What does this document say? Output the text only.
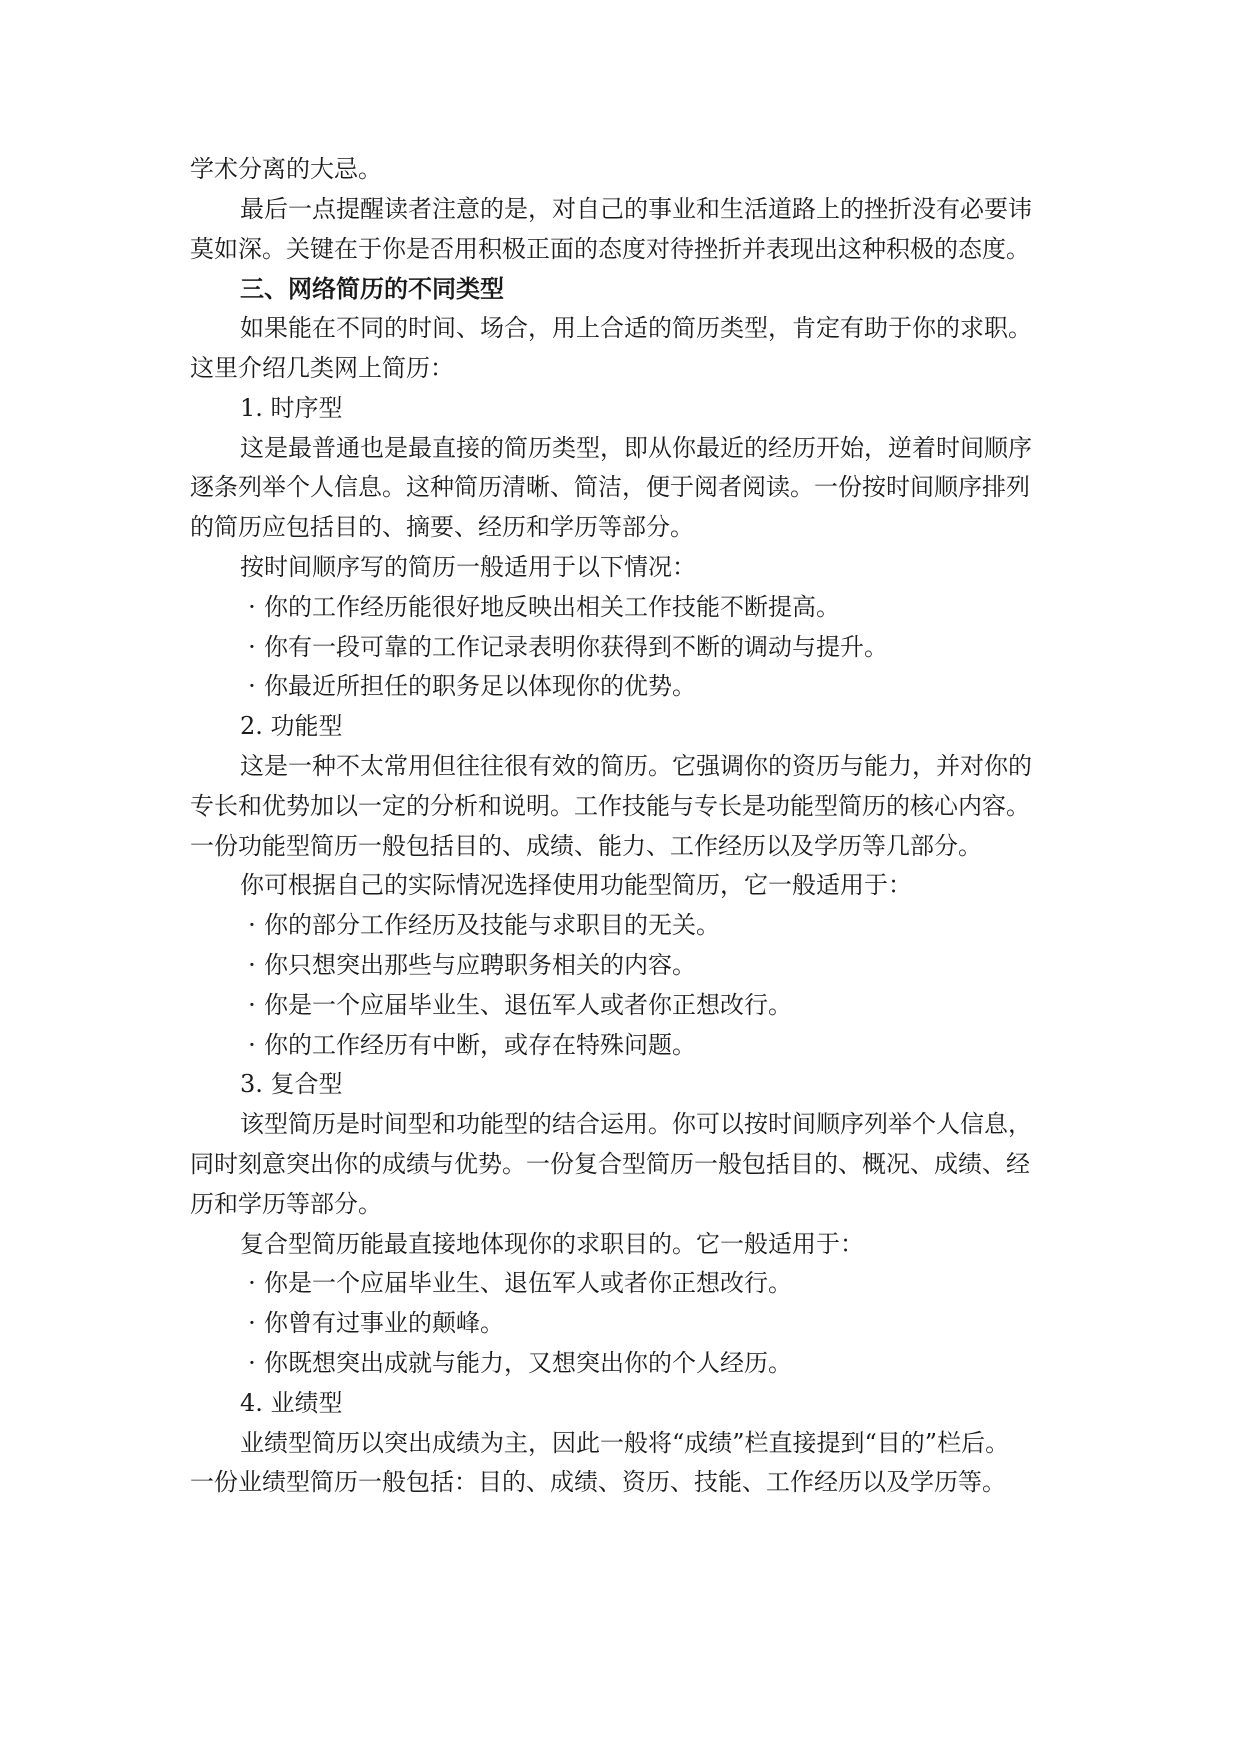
学术分离的大忌。
最后一点提醒读者注意的是，对自己的事业和生活道路上的挫折没有必要讳
莫如深。关键在于你是否用积极正面的态度对待挫折并表现出这种积极的态度。
三、网络简历的不同类型
如果能在不同的时间、场合，用上合适的简历类型，肯定有助于你的求职。
这里介绍几类网上简历：
1. 时序型
这是最普通也是最直接的简历类型，即从你最近的经历开始，逆着时间顺序
逐条列举个人信息。这种简历清晰、简洁，便于阅者阅读。一份按时间顺序排列
的简历应包括目的、摘要、经历和学历等部分。
按时间顺序写的简历一般适用于以下情况：
· 你的工作经历能很好地反映出相关工作技能不断提高。
· 你有一段可靠的工作记录表明你获得到不断的调动与提升。
· 你最近所担任的职务足以体现你的优势。
2. 功能型
这是一种不太常用但往往很有效的简历。它强调你的资历与能力，并对你的
专长和优势加以一定的分析和说明。工作技能与专长是功能型简历的核心内容。
一份功能型简历一般包括目的、成绩、能力、工作经历以及学历等几部分。
你可根据自己的实际情况选择使用功能型简历，它一般适用于：
· 你的部分工作经历及技能与求职目的无关。
· 你只想突出那些与应聘职务相关的内容。
· 你是一个应届毕业生、退伍军人或者你正想改行。
· 你的工作经历有中断，或存在特殊问题。
3. 复合型
该型简历是时间型和功能型的结合运用。你可以按时间顺序列举个人信息，
同时刻意突出你的成绩与优势。一份复合型简历一般包括目的、概况、成绩、经
历和学历等部分。
复合型简历能最直接地体现你的求职目的。它一般适用于：
· 你是一个应届毕业生、退伍军人或者你正想改行。
· 你曾有过事业的颠峰。
· 你既想突出成就与能力，又想突出你的个人经历。
4. 业绩型
业绩型简历以突出成绩为主，因此一般将“成绩”栏直接提到“目的”栏后。
一份业绩型简历一般包括：目的、成绩、资历、技能、工作经历以及学历等。
